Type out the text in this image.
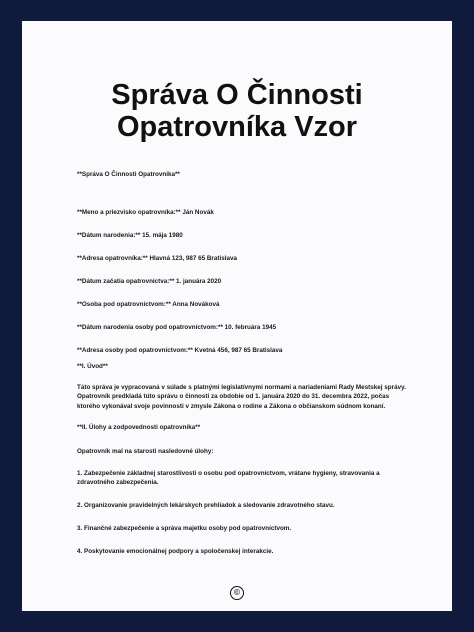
Správa O Činnosti
Opatrovníka Vzor
**Správa O Činnosti Opatrovníka**
**Meno a priezvisko opatrovníka:** Ján Novák
**Dátum narodenia:** 15. mája 1980
**Adresa opatrovníka:** Hlavná 123, 987 65 Bratislava
**Dátum začatia opatrovníctva:** 1. januára 2020
**Osoba pod opatrovníctvom:** Anna Nováková
**Dátum narodenia osoby pod opatrovníctvom:** 10. februára 1945
**Adresa osoby pod opatrovníctvom:** Kvetná 456, 987 65 Bratislava
**I. Úvod**
Táto správa je vypracovaná v súlade s platnými legislatívnymi normami a nariadeniami Rady Mestskej správy. Opatrovník predkladá túto správu o činnosti za obdobie od 1. januára 2020 do 31. decembra 2022, počas ktorého vykonával svoje povinnosti v zmysle Zákona o rodine a Zákona o občianskom súdnom konaní.
**II. Úlohy a zodpovednosti opatrovníka**
Opatrovník mal na starosti nasledovné úlohy:
1. Zabezpečenie základnej starostlivosti o osobu pod opatrovníctvom, vrátane hygieny, stravovania a zdravotného zabezpečenia.
2. Organizovanie pravidelných lekárskych prehliadok a sledovanie zdravotného stavu.
3. Finančné zabezpečenie a správa majetku osoby pod opatrovníctvom.
4. Poskytovanie emocionálnej podpory a spoločenskej interakcie.
©
